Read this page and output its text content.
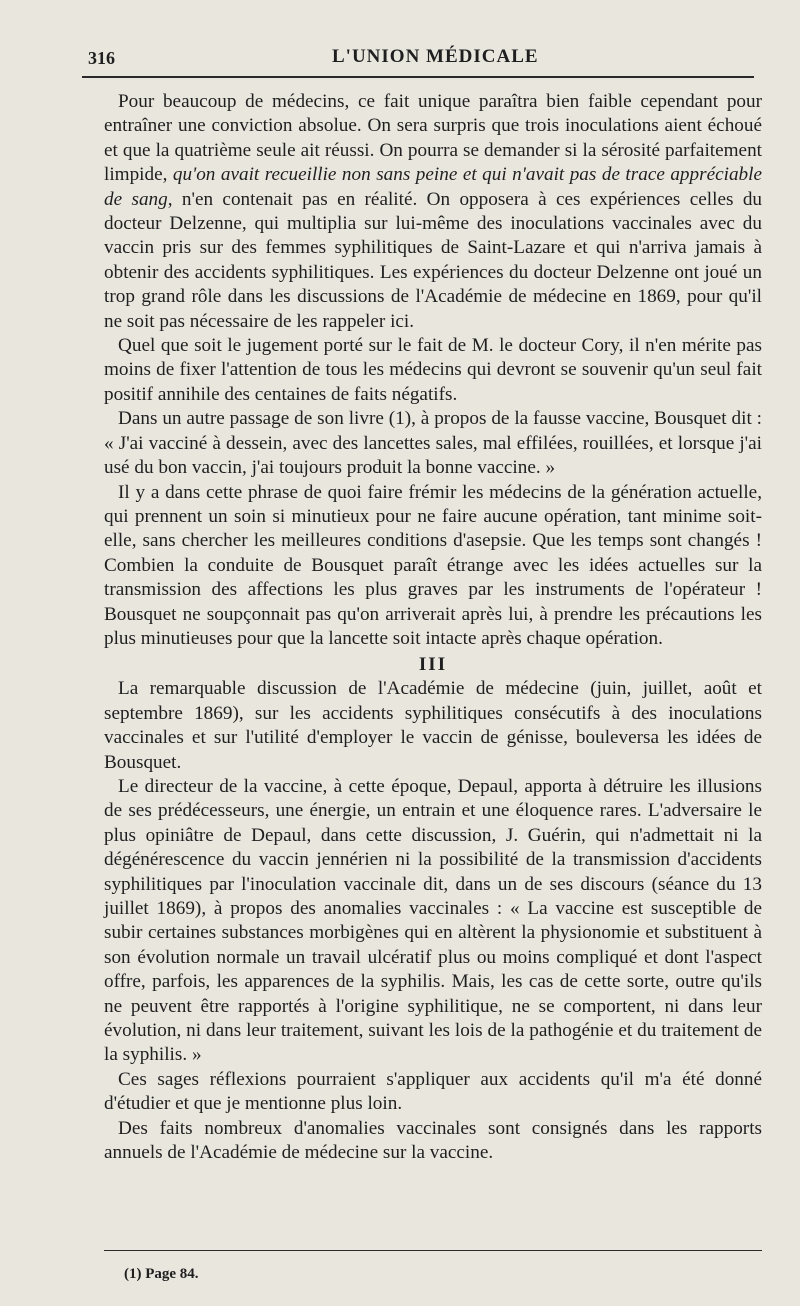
316	L'UNION MÉDICALE

Pour beaucoup de médecins, ce fait unique paraîtra bien faible cependant pour entraîner une conviction absolue. On sera surpris que trois inoculations aient échoué et que la quatrième seule ait réussi. On pourra se demander si la sérosité parfaitement limpide, qu'on avait recueillie non sans peine et qui n'avait pas de trace appréciable de sang, n'en contenait pas en réalité. On opposera à ces expériences celles du docteur Delzenne, qui multiplia sur lui-même des inoculations vaccinales avec du vaccin pris sur des femmes syphilitiques de Saint-Lazare et qui n'arriva jamais à obtenir des accidents syphilitiques. Les expériences du docteur Delzenne ont joué un trop grand rôle dans les discussions de l'Académie de médecine en 1869, pour qu'il ne soit pas nécessaire de les rappeler ici.

Quel que soit le jugement porté sur le fait de M. le docteur Cory, il n'en mérite pas moins de fixer l'attention de tous les médecins qui devront se souvenir qu'un seul fait positif annihile des centaines de faits négatifs.

Dans un autre passage de son livre (1), à propos de la fausse vaccine, Bousquet dit : « J'ai vacciné à dessein, avec des lancettes sales, mal effilées, rouillées, et lorsque j'ai usé du bon vaccin, j'ai toujours produit la bonne vaccine. »

Il y a dans cette phrase de quoi faire frémir les médecins de la génération actuelle, qui prennent un soin si minutieux pour ne faire aucune opération, tant minime soit-elle, sans chercher les meilleures conditions d'asepsie. Que les temps sont changés ! Combien la conduite de Bousquet paraît étrange avec les idées actuelles sur la transmission des affections les plus graves par les instruments de l'opérateur ! Bousquet ne soupçonnait pas qu'on arriverait après lui, à prendre les précautions les plus minutieuses pour que la lancette soit intacte après chaque opération.

III

La remarquable discussion de l'Académie de médecine (juin, juillet, août et septembre 1869), sur les accidents syphilitiques consécutifs à des inoculations vaccinales et sur l'utilité d'employer le vaccin de génisse, bouleversa les idées de Bousquet.

Le directeur de la vaccine, à cette époque, Depaul, apporta à détruire les illusions de ses prédécesseurs, une énergie, un entrain et une éloquence rares. L'adversaire le plus opiniâtre de Depaul, dans cette discussion, J. Guérin, qui n'admettait ni la dégénérescence du vaccin jennérien ni la possibilité de la transmission d'accidents syphilitiques par l'inoculation vaccinale dit, dans un de ses discours (séance du 13 juillet 1869), à propos des anomalies vaccinales : « La vaccine est susceptible de subir certaines substances morbigènes qui en altèrent la physionomie et substituent à son évolution normale un travail ulcératif plus ou moins compliqué et dont l'aspect offre, parfois, les apparences de la syphilis. Mais, les cas de cette sorte, outre qu'ils ne peuvent être rapportés à l'origine syphilitique, ne se comportent, ni dans leur évolution, ni dans leur traitement, suivant les lois de la pathogénie et du traitement de la syphilis. »

Ces sages réflexions pourraient s'appliquer aux accidents qu'il m'a été donné d'étudier et que je mentionne plus loin.

Des faits nombreux d'anomalies vaccinales sont consignés dans les rapports annuels de l'Académie de médecine sur la vaccine.

(1) Page 84.
